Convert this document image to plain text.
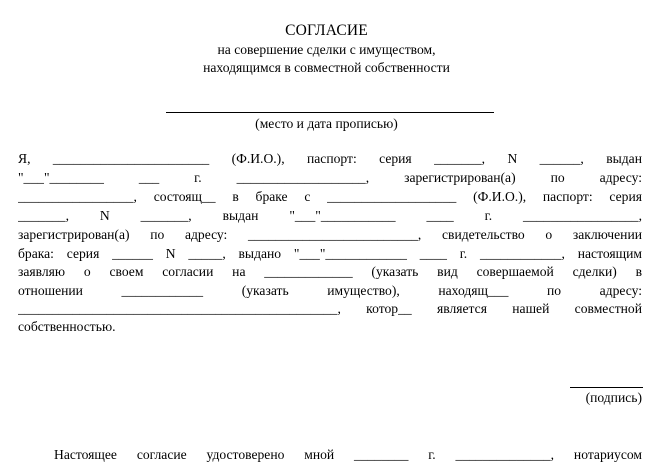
СОГЛАСИЕ
на совершение сделки с имуществом,
находящимся в совместной собственности
(место и дата прописью)
Я, _______________________ (Ф.И.О.), паспорт: серия _______, N ______, выдан
"___"________ ___ г. ___________________, зарегистрирован(а) по адресу:
_________________, состоящ__ в браке с ___________________ (Ф.И.О.), паспорт: серия
_______, N _______, выдан "___"___________ ____ г. _________________,
зарегистрирован(а) по адресу: _________________________, свидетельство о заключении
брака: серия ______ N _____, выдано "___"____________ ____ г. ____________, настоящим
заявляю о своем согласии на _____________ (указать вид совершаемой сделки) в
отношении ____________ (указать имущество), находящ___ по адресу:
_______________________________________________, котор__ является нашей совместной
собственностью.
(подпись)
Настоящее согласие удостоверено мной ________ г. ______________, нотариусом
